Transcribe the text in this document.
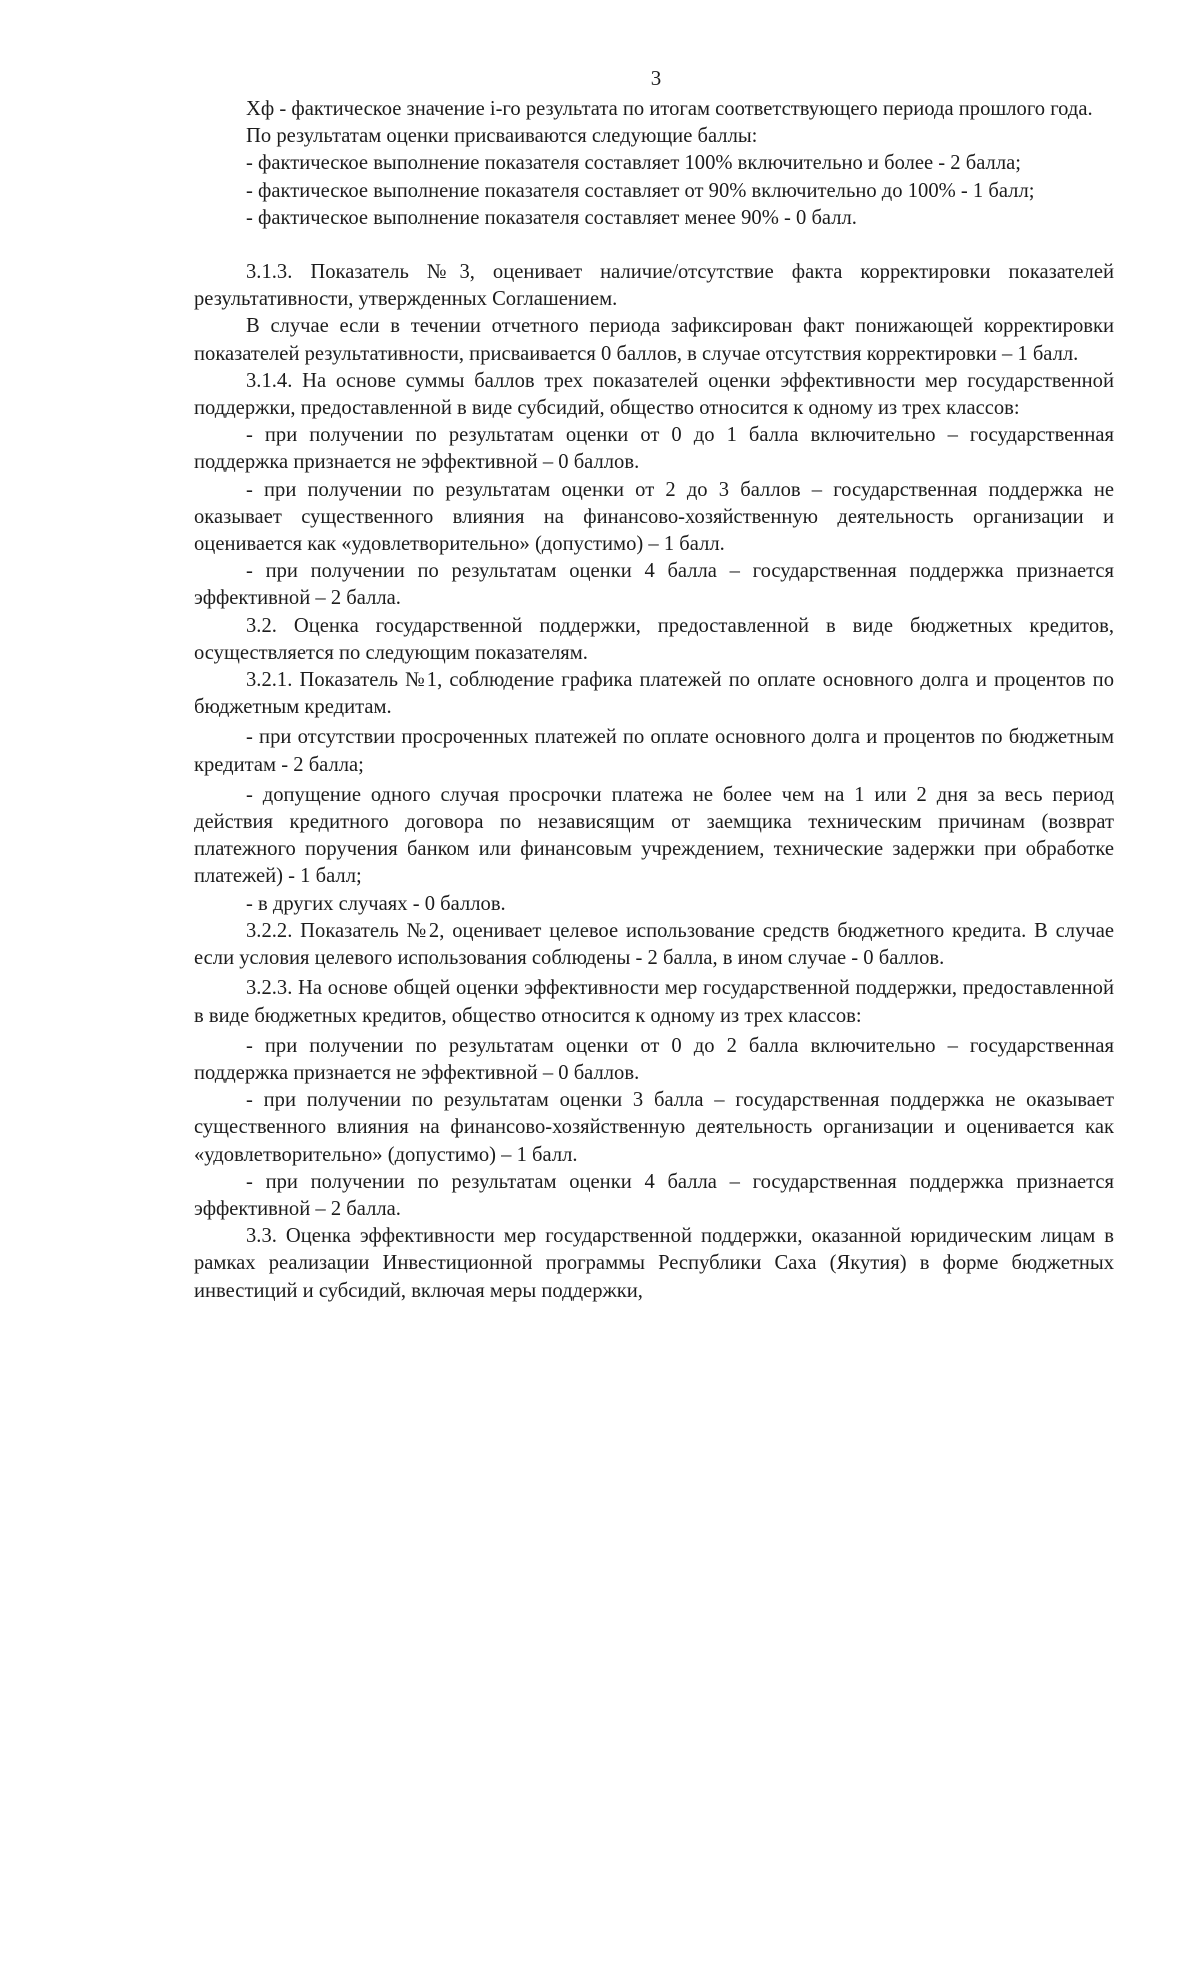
3

Хф - фактическое значение i-го результата по итогам соответствующего периода прошлого года.

По результатам оценки присваиваются следующие баллы:

- фактическое выполнение показателя составляет 100% включительно и более - 2 балла;

- фактическое выполнение показателя составляет от 90% включительно до 100% - 1 балл;

- фактическое выполнение показателя составляет менее 90% - 0 балл.

3.1.3. Показатель №3, оценивает наличие/отсутствие факта корректировки показателей результативности, утвержденных Соглашением.

В случае если в течении отчетного периода зафиксирован факт понижающей корректировки показателей результативности, присваивается 0 баллов, в случае отсутствия корректировки – 1 балл.

3.1.4. На основе суммы баллов трех показателей оценки эффективности мер государственной поддержки, предоставленной в виде субсидий, общество относится к одному из трех классов:

- при получении по результатам оценки от 0 до 1 балла включительно – государственная поддержка признается не эффективной – 0 баллов.

- при получении по результатам оценки от 2 до 3 баллов – государственная поддержка не оказывает существенного влияния на финансово-хозяйственную деятельность организации и оценивается как «удовлетворительно» (допустимо) – 1 балл.

- при получении по результатам оценки 4 балла – государственная поддержка признается эффективной – 2 балла.

3.2. Оценка государственной поддержки, предоставленной в виде бюджетных кредитов, осуществляется по следующим показателям.

3.2.1. Показатель №1, соблюдение графика платежей по оплате основного долга и процентов по бюджетным кредитам.

- при отсутствии просроченных платежей по оплате основного долга и процентов по бюджетным кредитам - 2 балла;

- допущение одного случая просрочки платежа не более чем на 1 или 2 дня за весь период действия кредитного договора по независящим от заемщика техническим причинам (возврат платежного поручения банком или финансовым учреждением, технические задержки при обработке платежей) - 1 балл;

- в других случаях - 0 баллов.

3.2.2. Показатель №2, оценивает целевое использование средств бюджетного кредита. В случае если условия целевого использования соблюдены - 2 балла, в ином случае - 0 баллов.

3.2.3. На основе общей оценки эффективности мер государственной поддержки, предоставленной в виде бюджетных кредитов, общество относится к одному из трех классов:

- при получении по результатам оценки от 0 до 2 балла включительно – государственная поддержка признается не эффективной – 0 баллов.

- при получении по результатам оценки 3 балла – государственная поддержка не оказывает существенного влияния на финансово-хозяйственную деятельность организации и оценивается как «удовлетворительно» (допустимо) – 1 балл.

- при получении по результатам оценки 4 балла – государственная поддержка признается эффективной – 2 балла.

3.3. Оценка эффективности мер государственной поддержки, оказанной юридическим лицам в рамках реализации Инвестиционной программы Республики Саха (Якутия) в форме бюджетных инвестиций и субсидий, включая меры поддержки,
